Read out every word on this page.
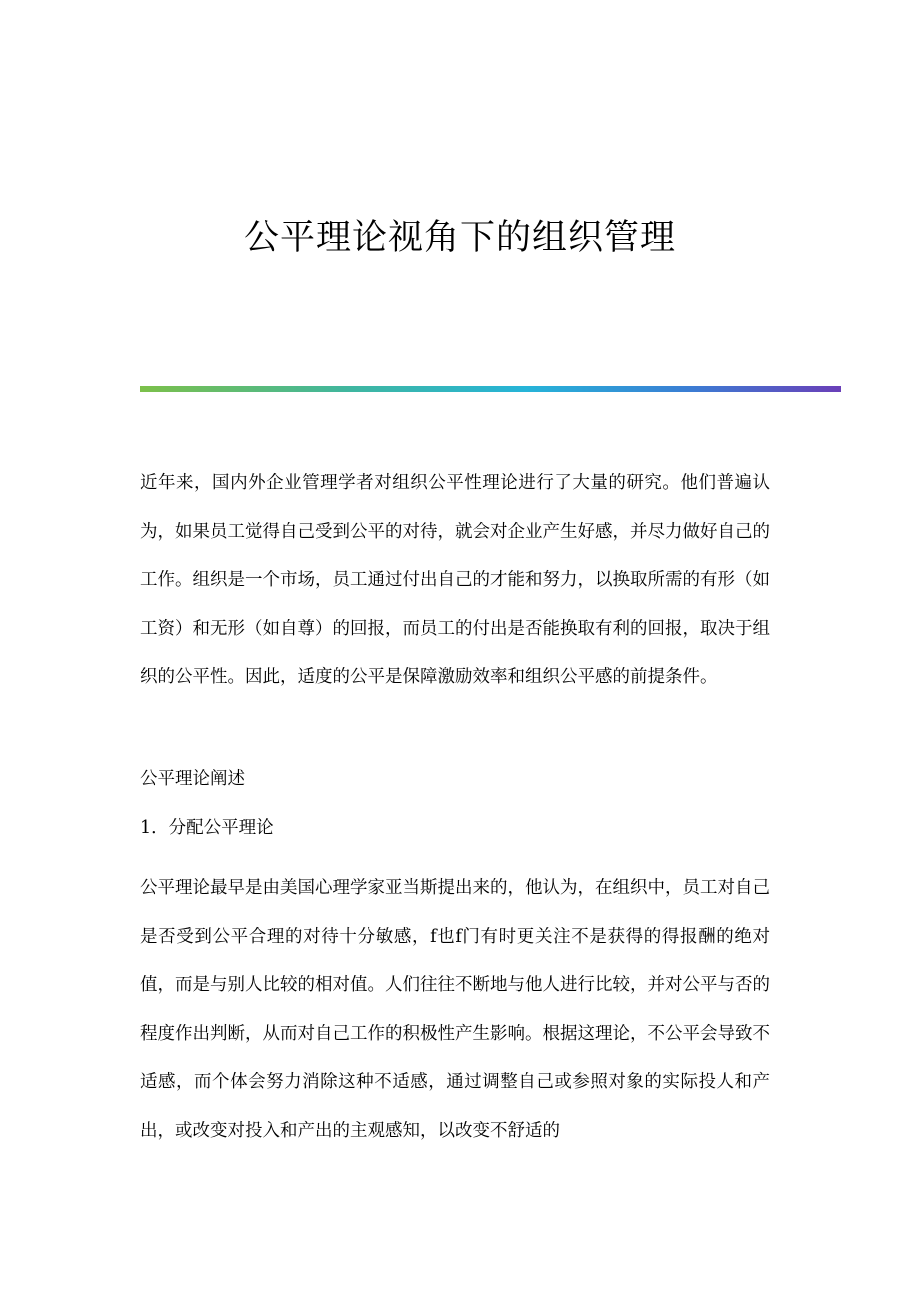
公平理论视角下的组织管理

近年来，国内外企业管理学者对组织公平性理论进行了大量的研究。他们普遍认为，如果员工觉得自己受到公平的对待，就会对企业产生好感，并尽力做好自己的工作。组织是一个市场，员工通过付出自己的才能和努力，以换取所需的有形（如工资）和无形（如自尊）的回报，而员工的付出是否能换取有利的回报，取决于组织的公平性。因此，适度的公平是保障激励效率和组织公平感的前提条件。

公平理论阐述

1．分配公平理论

公平理论最早是由美国心理学家亚当斯提出来的，他认为，在组织中，员工对自己是否受到公平合理的对待十分敏感，f也f门有时更关注不是获得的得报酬的绝对值，而是与别人比较的相对值。人们往往不断地与他人进行比较，并对公平与否的程度作出判断，从而对自己工作的积极性产生影响。根据这理论，不公平会导致不适感，而个体会努力消除这种不适感，通过调整自己或参照对象的实际投人和产出，或改变对投入和产出的主观感知，以改变不舒适的
